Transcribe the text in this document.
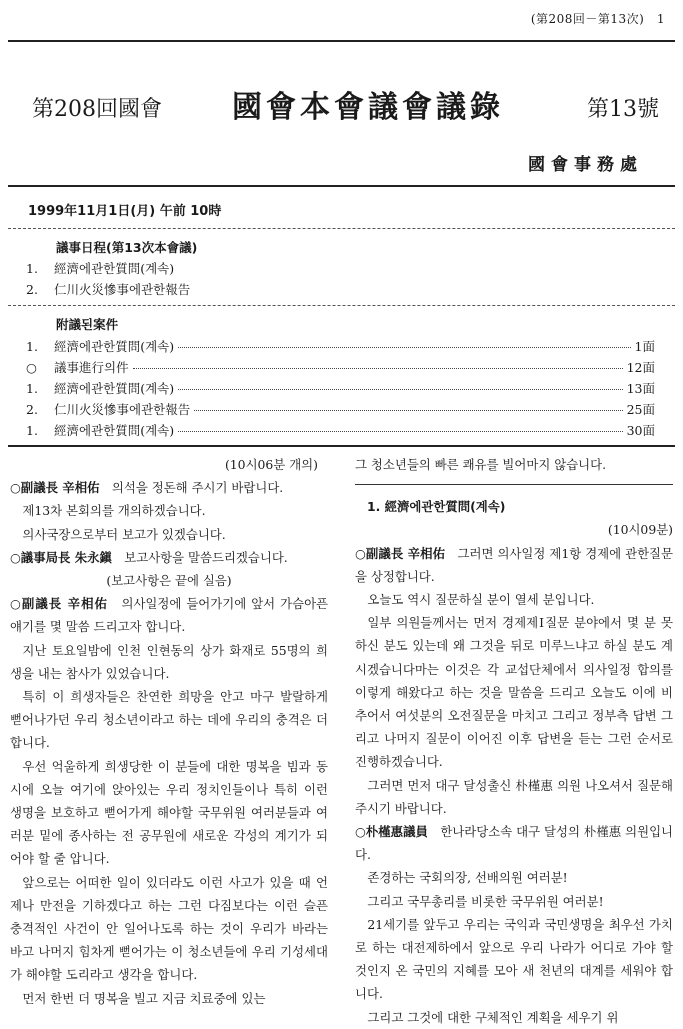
(第208回－第13次)　1
第208回國會 國會本會議會議錄	第13號
國會事務處
1999年11月1日(月) 午前 10時
議事日程(第13次本會議)
1.	經濟에관한質問(계속)
2.	仁川火災慘事에관한報告
附議된案件
1.	經濟에관한質問(계속)	1面
○	議事進行의件	12面
1.	經濟에관한質問(계속)	13面
2.	仁川火災慘事에관한報告	25面
1.	經濟에관한質問(계속)	30面

(10시06분 개의)

○副議長 辛相佑　 의석을 정돈해 주시기 바랍니다.

제13차 본회의를 개의하겠습니다.

의사국장으로부터 보고가 있겠습니다.

○議事局長 朱永鎭　 보고사항을 말씀드리겠습니다.

(보고사항은 끝에 실음)

○副議長 辛相佑　 의사일정에 들어가기에 앞서 가슴아픈 얘기를 몇 말씀 드리고자 합니다.

지난 토요일밤에 인천 인현동의 상가 화재로 55명의 희생을 내는 참사가 있었습니다.

특히 이 희생자들은 찬연한 희망을 안고 마구 발랄하게 뻗어나가던 우리 청소년이라고 하는 데에 우리의 충격은 더합니다.

우선 억울하게 희생당한 이 분들에 대한 명복을 빔과 동시에 오늘 여기에 앉아있는 우리 정치인들이나 특히 이런 생명을 보호하고 뻗어가게 해야할 국무위원 여러분들과 여러분 밑에 종사하는 전 공무원에 새로운 각성의 계기가 되어야 할 줄 압니다.

앞으로는 어떠한 일이 있더라도 이런 사고가 있을 때 언제나 만전을 기하겠다고 하는 그런 다짐보다는 이런 슬픈 충격적인 사건이 안 일어나도록 하는 것이 우리가 바라는 바고 나머지 힘차게 뻗어가는 이 청소년들에 우리 기성세대가 해야할 도리라고 생각을 합니다.

먼저 한번 더 명복을 빌고 지금 치료중에 있는

그 청소년들의 빠른 쾌유를 빌어마지 않습니다.

1. 經濟에관한質問(계속)

(10시09분)

○副議長 辛相佑　 그러면 의사일정 제1항 경제에 관한질문을 상정합니다.

오늘도 역시 질문하실 분이 열세 분입니다.

일부 의원들께서는 먼저 경제제Ⅰ질문 분야에서 몇 분 못하신 분도 있는데 왜 그것을 뒤로 미루느냐고 하실 분도 계시겠습니다마는 이것은 각 교섭단체에서 의사일정 합의를 이렇게 해왔다고 하는 것을 말씀을 드리고 오늘도 이에 비추어서 여섯분의 오전질문을 마치고 그리고 정부측 답변 그리고 나머지 질문이 이어진 이후 답변을 듣는 그런 순서로 진행하겠습니다.

그러면 먼저 대구 달성출신 朴槿惠 의원 나오셔서 질문해 주시기 바랍니다.

○朴槿惠議員　 한나라당소속 대구 달성의 朴槿惠 의원입니다.

존경하는 국회의장, 선배의원 여러분!

그리고 국무총리를 비롯한 국무위원 여러분!

21세기를 앞두고 우리는 국익과 국민생명을 최우선 가치로 하는 대전제하에서 앞으로 우리 나라가 어디로 가야 할 것인지 온 국민의 지혜를 모아 새 천년의 대계를 세워야 합니다.

그리고 그것에 대한 구체적인 계획을 세우기 위
